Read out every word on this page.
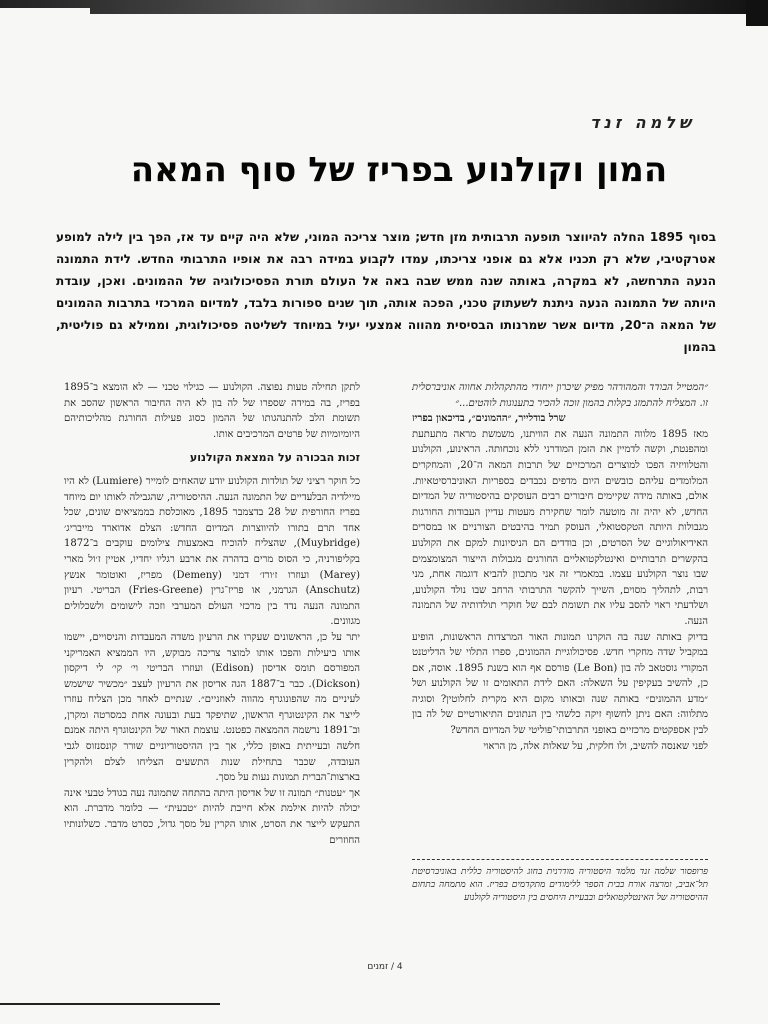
שלמה זנד
המון וקולנוע בפריז של סוף המאה
בסוף 1895 החלה להיווצר תופעה תרבותית מזן חדש; מוצר צריכה המוני, שלא היה קיים עד אז, הפך בין לילה למופע אטרקטיבי, שלא רק תכניו אלא גם אופני צריכתו, עמדו לקבוע במידה רבה את אופיו התרבותי החדש. לידת התמונה הנעה התרחשה, לא במקרה, באותה שנה ממש שבה באה אל העולם תורת הפסיכולוגיה של ההמונים. ואכן, עובדת היותה של התמונה הנעה ניתנת לשעתוק טכני, הפכה אותה, תוך שנים ספורות בלבד, למדיום המרכזי בתרבות ההמונים של המאה ה־20, מדיום אשר שמרנותו הבסיסית מהווה אמצעי יעיל במיוחד לשליטה פסיכולוגית, וממילא גם פוליטית, בהמון

״המטייל הבודד והמהורהר מפיק שיכרון ייחודי מהתקהלות אחווה אוניברסלית זו. המצליח להתמזג בקלות בהמון זוכה להכיר בתענוגות לוהטים...״

שרל בודלייר, ״ההמונים״, בדיכאון בפריז

מאז 1895 מלווה התמונה הנעה את הוויתנו, משמשת מראה מתעתעת ומהפנטת, וקשה לדמיין את הזמן המודרני ללא נוכחותה. הראינוע, הקולנוע והטלוויזיה הפכו למוצרים המרכזיים של תרבות המאה ה־20, והמחקרים המלומדים עליהם כובשים היום מדפים נכבדים בספריות האוניברסיטאיות. אולם, באותה מידה שקיימים חיבורים רבים העוסקים בהיסטוריה של המדיום החדש, לא יהיה זה מוטעה לומר שחקירת מעטות עדיין העבודות החורגות מגבולות היותה הטקסטואלי, העוסק תמיד בהיבטים הצורניים או במסרים האידיאולוגיים של הסרטים, וכן בודדים הם הניסיונות למקם את הקולנוע בהקשרים תרבותיים ואינטלקטואליים החורגים מגבולות הייצור המצומצמים שבו נוצר הקולנוע עצמו. במאמרי זה אני מתכוון להביא דוגמה אחת, מני רבות, לתהליך מסוים, השייך להקשר התרבותי הרחב שבו נולד הקולנוע, ושלדעתי ראוי להסב עליו את תשומת לבם של חוקרי תולדותיה של התמונה הנעה.

בדיוק באותה שנה בה הוקרנו תמונות האור המרצדות הראשונות, הופיע במקביל שדה מחקרי חדש. פסיכולוגיית ההמונים, ספרו התלוי של הדליטנט המקורי גוסטאב לה בון (Le Bon) פורסם אף הוא בשנת 1895. אוסה, אם כן, להשיב בעקיפין על השאלה: האם לידת התאומים זו של הקולנוע ושל ״מדע ההמונים״ באותה שנה ובאותו מקום היא מקרית לחלוטין? וסוגיה מתלווה: האם ניתן לחשוף זיקה כלשהי בין הנתונים התיאורטיים של לה בון לבין אספקטים מרכזיים באופני התרבותי־פוליטי של המדיום החדש?

לפני שאנסה להשיב, ולו חלקית, על שאלות אלה, מן הראוי

פרופסור שלמה זנד מלמד היסטוריה מודרנית בחוג להיסטוריה כללית באוניברסיטת תל־אביב, ומרצה אורח בבית הספר ללימודים מתקדמים בפריז. הוא מתמחה בתחום ההיסטוריה של האינטלקטואלים ובבעיית היחסים בין היסטוריה לקולנוע

לתקן תחילה טעות נפוצה. הקולנוע — כגילוי טכני — לא הומצא ב־1895 בפריז, בה במידה שספרו של לה בון לא היה החיבור הראשון שהסב את תשומת הלב להתנהגותו של ההמון כסוג פעילות החורגת מהליכותיהם היומיומיות של פרטים המרכיבים אותו.

זכות הבכורה על המצאת הקולנוע

כל חוקר רציני של תולדות הקולנוע יודע שהאחים לומייר (Lumiere) לא היו מיילדיה הבלעדיים של התמונה הנעה. ההיסטוריה, שהגבילה לאותו יום מיוחד בפריז החורפית של 28 בדצמבר 1895, מאוכלסת בממציאים שונים, שכל אחד תרם בתורו להיווצרות המדיום החדש: הצלם אדוארד מייבריג׳ (Muybridge), שהצליח להוכיח באמצעות צילומים עוקבים ב־1872 בקליפורניה, כי הסוס מרים בדהרה את ארבע רגליו יחדיו, אטיין ז׳ול מארי (Marey) ועוזרו ז׳ורז׳ דמני (Demeny) מפריז, ואוטומר אנשץ (Anschutz) הגרמני, או פריז־גרין (Fries-Greene) הבריטי. רעיון התמונה הנעה נדד בין מרכזי העולם המערבי וזכה לישומים ולשכלולים מגוונים.

יתר על כן, הראשונים שעקרו את הרעיון משדה המעבדות והניסויים, יישמו אותו ביעילות והפכו אותו למוצר צריכה מבוקש, היו הממציא האמריקני המפורסם תומס אדיסון (Edison) ועוזרו הבריטי וי׳ קי׳ לי דיקסון (Dickson). כבר ב־1887 הגה אדיסון את הרעיון לעצב ״מכשיר שישמש לעיניים מה שהפונוגרף מהווה לאוזניים״. שנתיים לאחר מכן הצליח עוזרו לייצר את הקינטוגרף הראשון, שתיפקד בעת ובעונה אחת כמסרטה ומקרן, וב־1891 נרשמה ההמצאה כפטנט. עוצמת האור של הקינטוגרף היתה אמנם חלשה ובעייתית באופן כללי, אך בין ההיסטוריוניים שורר קונסנזוס לגבי העובדה, שכבר בתחילת שנות התשעים הצליחו לצלם ולהקרין בארצות־הברית תמונות נעות על מסך.

אך ״עטנות״ תמונה זו של אדיסון היתה בהתחה שתמונה נעה בגודל טבעי אינה יכולה להיות אילמת אלא חייבת להיות ״טבעית״ — כלומר מדברת. הוא התעקש לייצר את הסרט, אותו הקרין על מסך גדול, כסרט מדבר. כשלונותיו החוזרים

4 / זמנים
